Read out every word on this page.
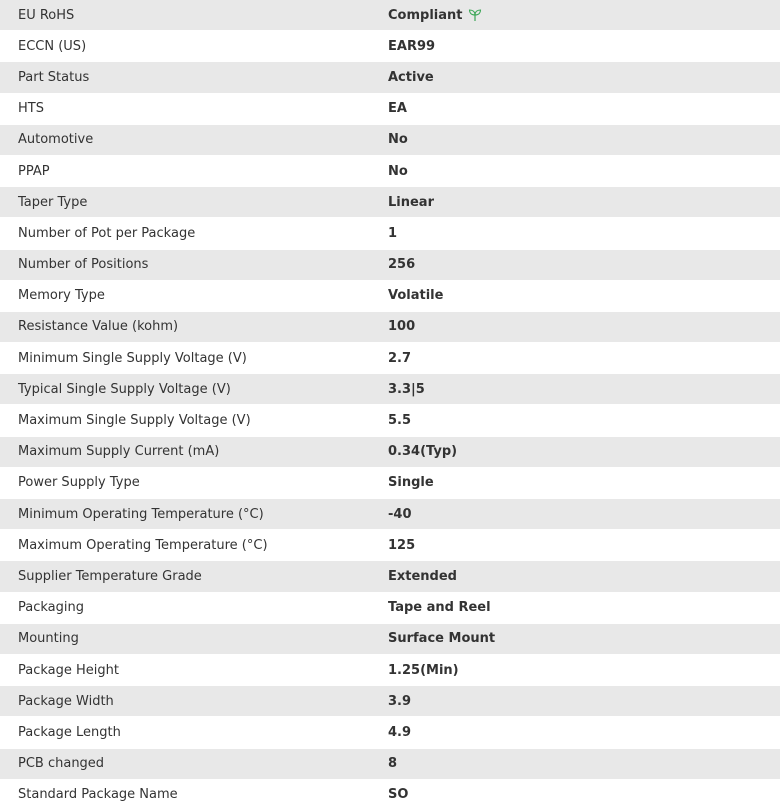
EU RoHS	Compliant
ECCN (US)	EAR99
Part Status	Active
HTS	EA
Automotive	No
PPAP	No
Taper Type	Linear
Number of Pot per Package	1
Number of Positions	256
Memory Type	Volatile
Resistance Value (kohm)	100
Minimum Single Supply Voltage (V)	2.7
Typical Single Supply Voltage (V)	3.3|5
Maximum Single Supply Voltage (V)	5.5
Maximum Supply Current (mA)	0.34(Typ)
Power Supply Type	Single
Minimum Operating Temperature (°C)	-40
Maximum Operating Temperature (°C)	125
Supplier Temperature Grade	Extended
Packaging	Tape and Reel
Mounting	Surface Mount
Package Height	1.25(Min)
Package Width	3.9
Package Length	4.9
PCB changed	8
Standard Package Name	SO
